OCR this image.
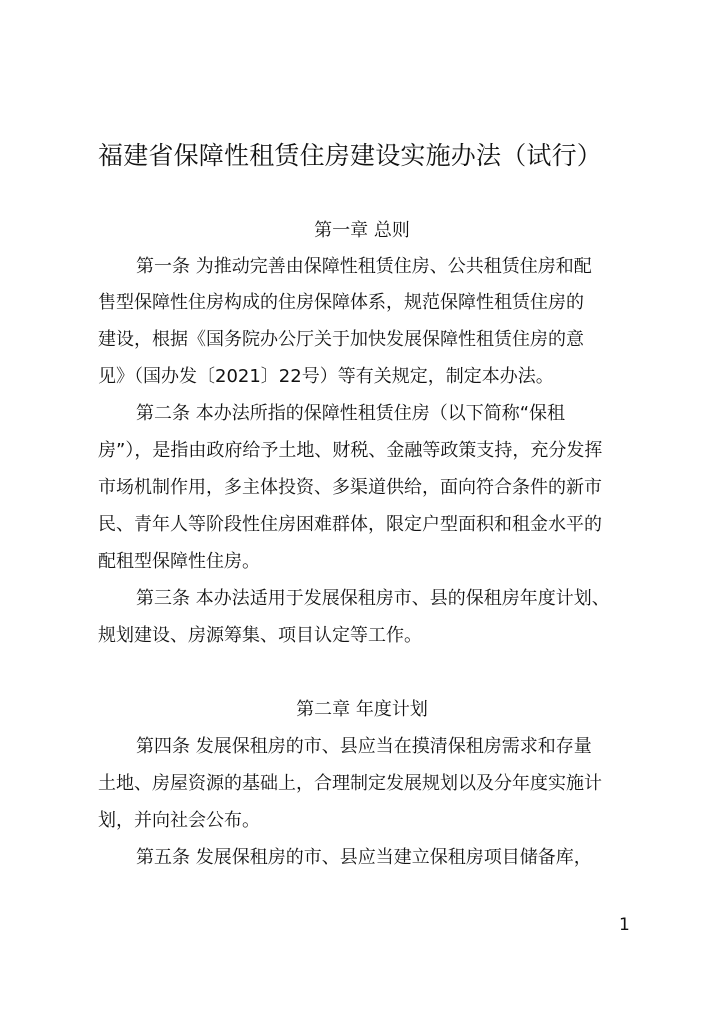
福建省保障性租赁住房建设实施办法（试行）
第一章 总则
第一条 为推动完善由保障性租赁住房、公共租赁住房和配
售型保障性住房构成的住房保障体系，规范保障性租赁住房的
建设，根据《国务院办公厅关于加快发展保障性租赁住房的意
见》（国办发〔2021〕22号）等有关规定，制定本办法。
第二条 本办法所指的保障性租赁住房（以下简称“保租
房”），是指由政府给予土地、财税、金融等政策支持，充分发挥
市场机制作用，多主体投资、多渠道供给，面向符合条件的新市
民、青年人等阶段性住房困难群体，限定户型面积和租金水平的
配租型保障性住房。
第三条 本办法适用于发展保租房市、县的保租房年度计划、
规划建设、房源筹集、项目认定等工作。
第二章 年度计划
第四条 发展保租房的市、县应当在摸清保租房需求和存量
土地、房屋资源的基础上，合理制定发展规划以及分年度实施计
划，并向社会公布。
第五条 发展保租房的市、县应当建立保租房项目储备库，
1
